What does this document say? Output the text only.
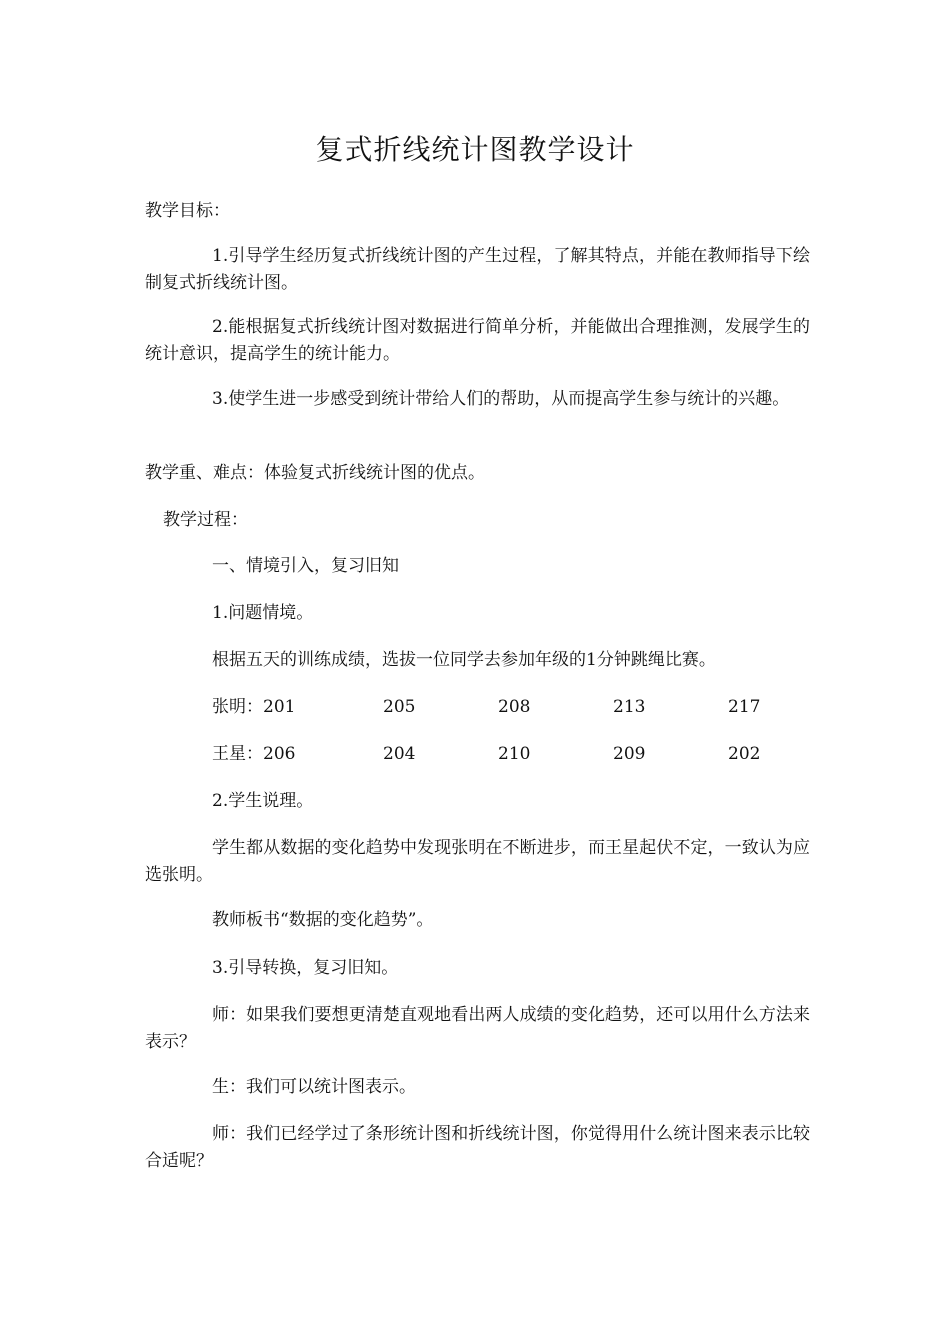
复式折线统计图教学设计
教学目标：
1.引导学生经历复式折线统计图的产生过程，了解其特点，并能在教师指导下绘制复式折线统计图。
2.能根据复式折线统计图对数据进行简单分析，并能做出合理推测，发展学生的统计意识，提高学生的统计能力。
3.使学生进一步感受到统计带给人们的帮助，从而提高学生参与统计的兴趣。
教学重、难点：体验复式折线统计图的优点。
教学过程：
一、情境引入，复习旧知
1.问题情境。
根据五天的训练成绩，选拔一位同学去参加年级的1分钟跳绳比赛。
张明： 201	205	208	213	217
王星： 206	204	210	209	202
2.学生说理。
学生都从数据的变化趋势中发现张明在不断进步，而王星起伏不定，一致认为应选张明。
教师板书“数据的变化趋势”。
3.引导转换，复习旧知。
师：如果我们要想更清楚直观地看出两人成绩的变化趋势，还可以用什么方法来表示？
生：我们可以统计图表示。
师：我们已经学过了条形统计图和折线统计图，你觉得用什么统计图来表示比较合适呢？
